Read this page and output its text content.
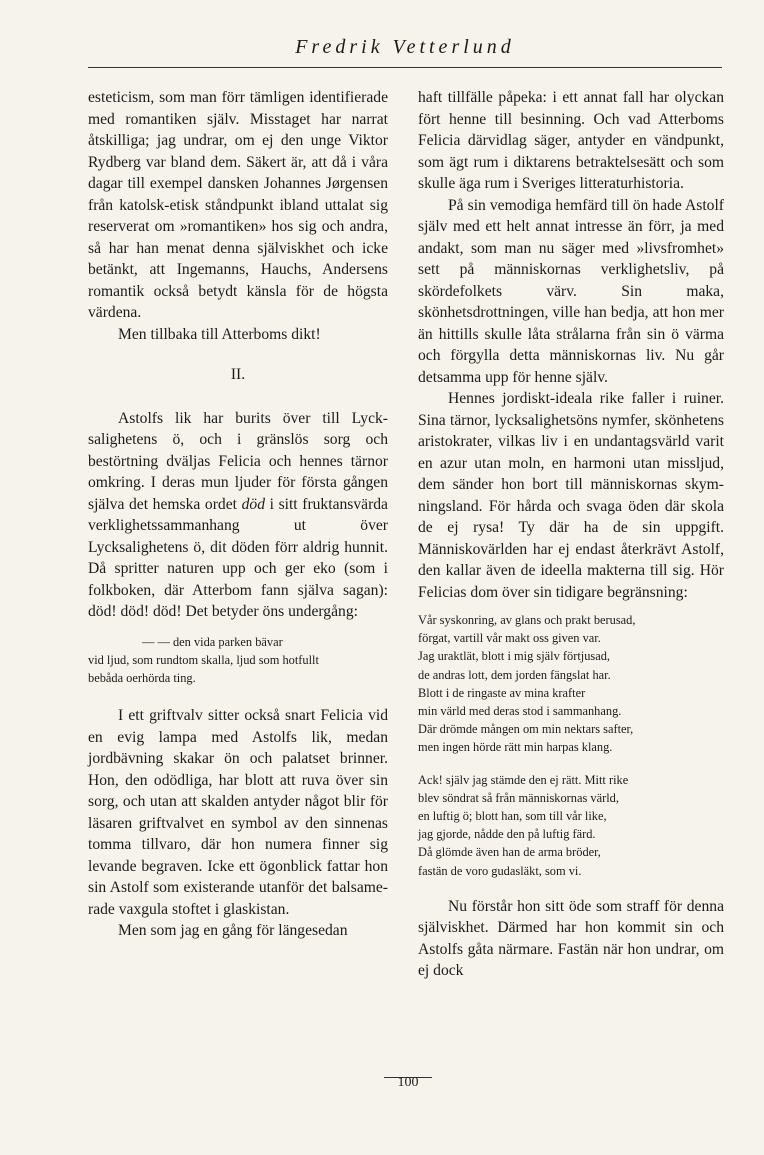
Fredrik Vetterlund

esteticism, som man förr tämligen identifierade med romantiken själv. Misstaget har narrat åtskilliga; jag undrar, om ej den unge Viktor Rydberg var bland dem. Säkert är, att då i våra dagar till exempel dansken Johannes Jørgensen från katolsk-etisk ståndpunkt ibland uttalat sig reserverat om »romantiken» hos sig och andra, så har han menat denna själviskhet och icke betänkt, att Ingemanns, Hauchs, Andersens romantik också betydt känsla för de högsta värdena.

Men tillbaka till Atterboms dikt!

II.

Astolfs lik har burits över till Lycksalighetens ö, och i gränslös sorg och bestörtning dväljas Felicia och hennes tärnor omkring. I deras mun ljuder för första gången själva det hemska ordet död i sitt fruktansvärda verklighetssammanhang ut över Lycksalighetens ö, dit döden förr aldrig hunnit. Då spritter naturen upp och ger eko (som i folkboken, där Atterbom fann själva sagan): död! död! död! Det betyder öns undergång:

— — den vida parken bävar
vid ljud, som rundtom skalla, ljud som hotfullt
bebåda oerhörda ting.

I ett griftvalv sitter också snart Felicia vid en evig lampa med Astolfs lik, medan jordbävning skakar ön och palatset brinner. Hon, den odödliga, har blott att ruva över sin sorg, och utan att skalden antyder något blir för läsaren griftvalvet en symbol av den sinnenas tomma tillvaro, där hon numera finner sig levande begraven. Icke ett ögonblick fattar hon sin Astolf som existerande utanför det balsamerade vaxgula stoftet i glaskistan.

Men som jag en gång för längesedan

haft tillfälle påpeka: i ett annat fall har olyckan fört henne till besinning. Och vad Atterboms Felicia därvidlag säger, antyder en vändpunkt, som ägt rum i diktarens betraktelsesätt och som skulle äga rum i Sveriges litteraturhistoria.

På sin vemodiga hemfärd till ön hade Astolf själv med ett helt annat intresse än förr, ja med andakt, som man nu säger med »livsfromhet» sett på människornas verklighetsliv, på skördefolkets värv. Sin maka, skönhetsdrottningen, ville han bedja, att hon mer än hittills skulle låta strålarna från sin ö värma och förgylla detta människornas liv. Nu går detsamma upp för henne själv.

Hennes jordiskt-ideala rike faller i ruiner. Sina tärnor, lycksalighetsöns nymfer, skönhetens aristokrater, vilkas liv i en undantagsvärld varit en azur utan moln, en harmoni utan missljud, dem sänder hon bort till människornas skymningsland. För hårda och svaga öden där skola de ej rysa! Ty där ha de sin uppgift. Människovärlden har ej endast återkrävt Astolf, den kallar även de ideella makterna till sig. Hör Felicias dom över sin tidigare begränsning:

Vår syskonring, av glans och prakt berusad,
förgat, vartill vår makt oss given var.
Jag uraktlät, blott i mig själv förtjusad,
de andras lott, dem jorden fängslat har.
Blott i de ringaste av mina krafter
min värld med deras stod i sammanhang.
Där drömde mången om min nektars safter,
men ingen hörde rätt min harpas klang.
Ack! själv jag stämde den ej rätt. Mitt rike
blev söndrat så från människornas värld,
en luftig ö; blott han, som till vår like,
jag gjorde, nådde den på luftig färd.
Då glömde även han de arma bröder,
fastän de voro gudasläkt, som vi.

Nu förstår hon sitt öde som straff för denna själviskhet. Därmed har hon kommit sin och Astolfs gåta närmare. Fastän när hon undrar, om ej dock

100
